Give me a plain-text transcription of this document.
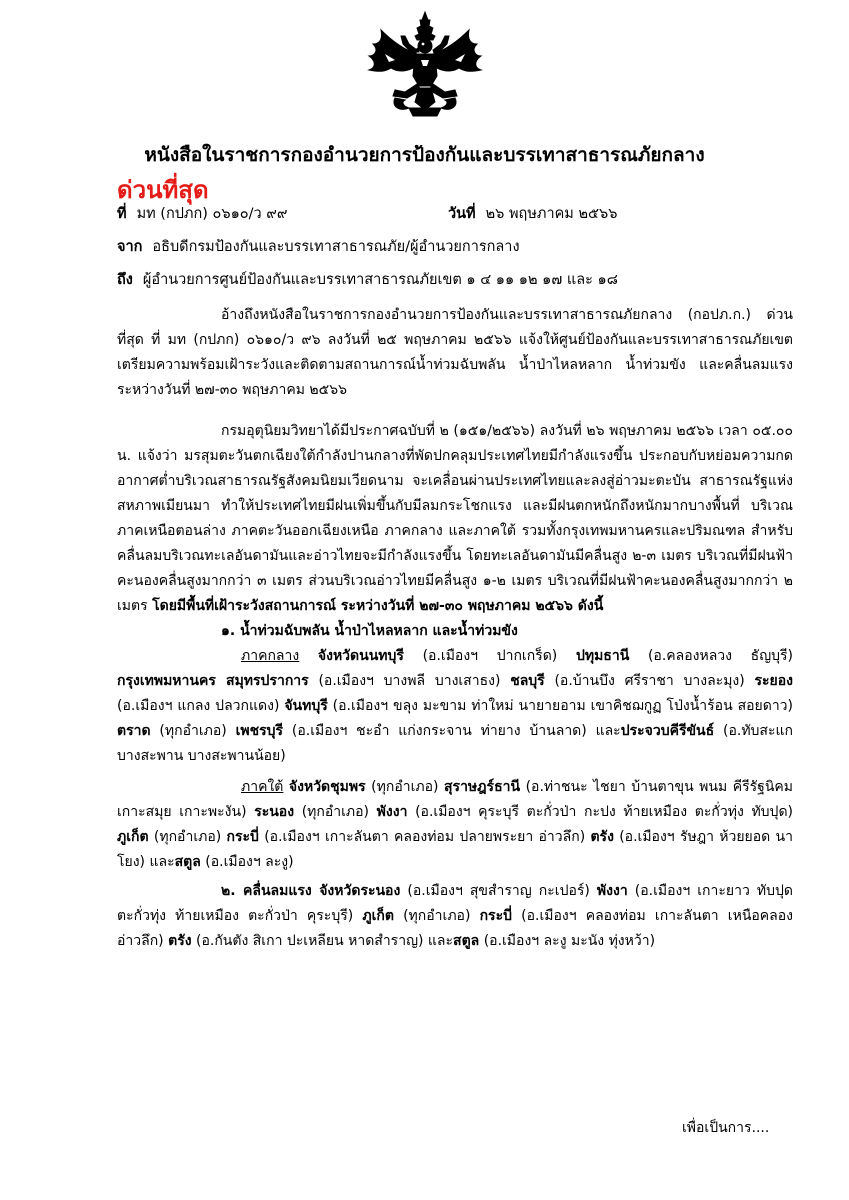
หนังสือในราชการกองอำนวยการป้องกันและบรรเทาสาธารณภัยกลาง
ด่วนที่สุด
ที่ มท (กปภก) ๐๖๑๐/ว ๙๙	วันที่ ๒๖ พฤษภาคม ๒๕๖๖
จาก อธิบดีกรมป้องกันและบรรเทาสาธารณภัย/ผู้อำนวยการกลาง
ถึง ผู้อำนวยการศูนย์ป้องกันและบรรเทาสาธารณภัยเขต ๑ ๔ ๑๑ ๑๒ ๑๗ และ ๑๘
อ้างถึงหนังสือในราชการกองอำนวยการป้องกันและบรรเทาสาธารณภัยกลาง (กอปภ.ก.) ด่วนที่สุด ที่ มท (กปภก) ๐๖๑๐/ว ๙๖ ลงวันที่ ๒๕ พฤษภาคม ๒๕๖๖ แจ้งให้ศูนย์ป้องกันและบรรเทาสาธารณภัยเขต เตรียมความพร้อมเฝ้าระวังและติดตามสถานการณ์น้ำท่วมฉับพลัน น้ำป่าไหลหลาก น้ำท่วมขัง และคลื่นลมแรง ระหว่างวันที่ ๒๗-๓๐ พฤษภาคม ๒๕๖๖
กรมอุตุนิยมวิทยาได้มีประกาศฉบับที่ ๒ (๑๕๑/๒๕๖๖) ลงวันที่ ๒๖ พฤษภาคม ๒๕๖๖ เวลา ๐๕.๐๐ น. แจ้งว่า มรสุมตะวันตกเฉียงใต้กำลังปานกลางที่พัดปกคลุมประเทศไทยมีกำลังแรงขึ้น ประกอบกับหย่อมความกดอากาศต่ำบริเวณสาธารณรัฐสังคมนิยมเวียดนาม จะเคลื่อนผ่านประเทศไทยและลงสู่อ่าวมะตะบัน สาธารณรัฐแห่งสหภาพเมียนมา ทำให้ประเทศไทยมีฝนเพิ่มขึ้นกับมีลมกระโชกแรง และมีฝนตกหนักถึงหนักมากบางพื้นที่ บริเวณภาคเหนือตอนล่าง ภาคตะวันออกเฉียงเหนือ ภาคกลาง และภาคใต้ รวมทั้งกรุงเทพมหานครและปริมณฑล สำหรับคลื่นลมบริเวณทะเลอันดามันและอ่าวไทยจะมีกำลังแรงขึ้น โดยทะเลอันดามันมีคลื่นสูง ๒-๓ เมตร บริเวณที่มีฝนฟ้าคะนองคลื่นสูงมากกว่า ๓ เมตร ส่วนบริเวณอ่าวไทยมีคลื่นสูง ๑-๒ เมตร บริเวณที่มีฝนฟ้าคะนองคลื่นสูงมากกว่า ๒ เมตร โดยมีพื้นที่เฝ้าระวังสถานการณ์ ระหว่างวันที่ ๒๗-๓๐ พฤษภาคม ๒๕๖๖ ดังนี้
๑. น้ำท่วมฉับพลัน น้ำป่าไหลหลาก และน้ำท่วมขัง
ภาคกลาง จังหวัดนนทบุรี (อ.เมืองฯ ปากเกร็ด) ปทุมธานี (อ.คลองหลวง ธัญบุรี) กรุงเทพมหานคร สมุทรปราการ (อ.เมืองฯ บางพลี บางเสาธง) ชลบุรี (อ.บ้านบึง ศรีราชา บางละมุง) ระยอง (อ.เมืองฯ แกลง ปลวกแดง) จันทบุรี (อ.เมืองฯ ขลุง มะขาม ท่าใหม่ นายายอาม เขาคิชฌกูฏ โป่งน้ำร้อน สอยดาว) ตราด (ทุกอำเภอ) เพชรบุรี (อ.เมืองฯ ชะอำ แก่งกระจาน ท่ายาง บ้านลาด) และประจวบคีรีขันธ์ (อ.ทับสะแก บางสะพาน บางสะพานน้อย)
ภาคใต้ จังหวัดชุมพร (ทุกอำเภอ) สุราษฎร์ธานี (อ.ท่าชนะ ไชยา บ้านตาขุน พนม คีรีรัฐนิคม เกาะสมุย เกาะพะงัน) ระนอง (ทุกอำเภอ) พังงา (อ.เมืองฯ คุระบุรี ตะกั่วป่า กะปง ท้ายเหมือง ตะกั่วทุ่ง ทับปุด) ภูเก็ต (ทุกอำเภอ) กระบี่ (อ.เมืองฯ เกาะลันตา คลองท่อม ปลายพระยา อ่าวลึก) ตรัง (อ.เมืองฯ รัษฎา ห้วยยอด นาโยง) และสตูล (อ.เมืองฯ ละงู)
๒. คลื่นลมแรง จังหวัดระนอง (อ.เมืองฯ สุขสำราญ กะเปอร์) พังงา (อ.เมืองฯ เกาะยาว ทับปุด ตะกั่วทุ่ง ท้ายเหมือง ตะกั่วป่า คุระบุรี) ภูเก็ต (ทุกอำเภอ) กระบี่ (อ.เมืองฯ คลองท่อม เกาะลันตา เหนือคลอง อ่าวลึก) ตรัง (อ.กันตัง สิเกา ปะเหลียน หาดสำราญ) และสตูล (อ.เมืองฯ ละงู มะนัง ทุ่งหว้า)
เพื่อเป็นการ....
